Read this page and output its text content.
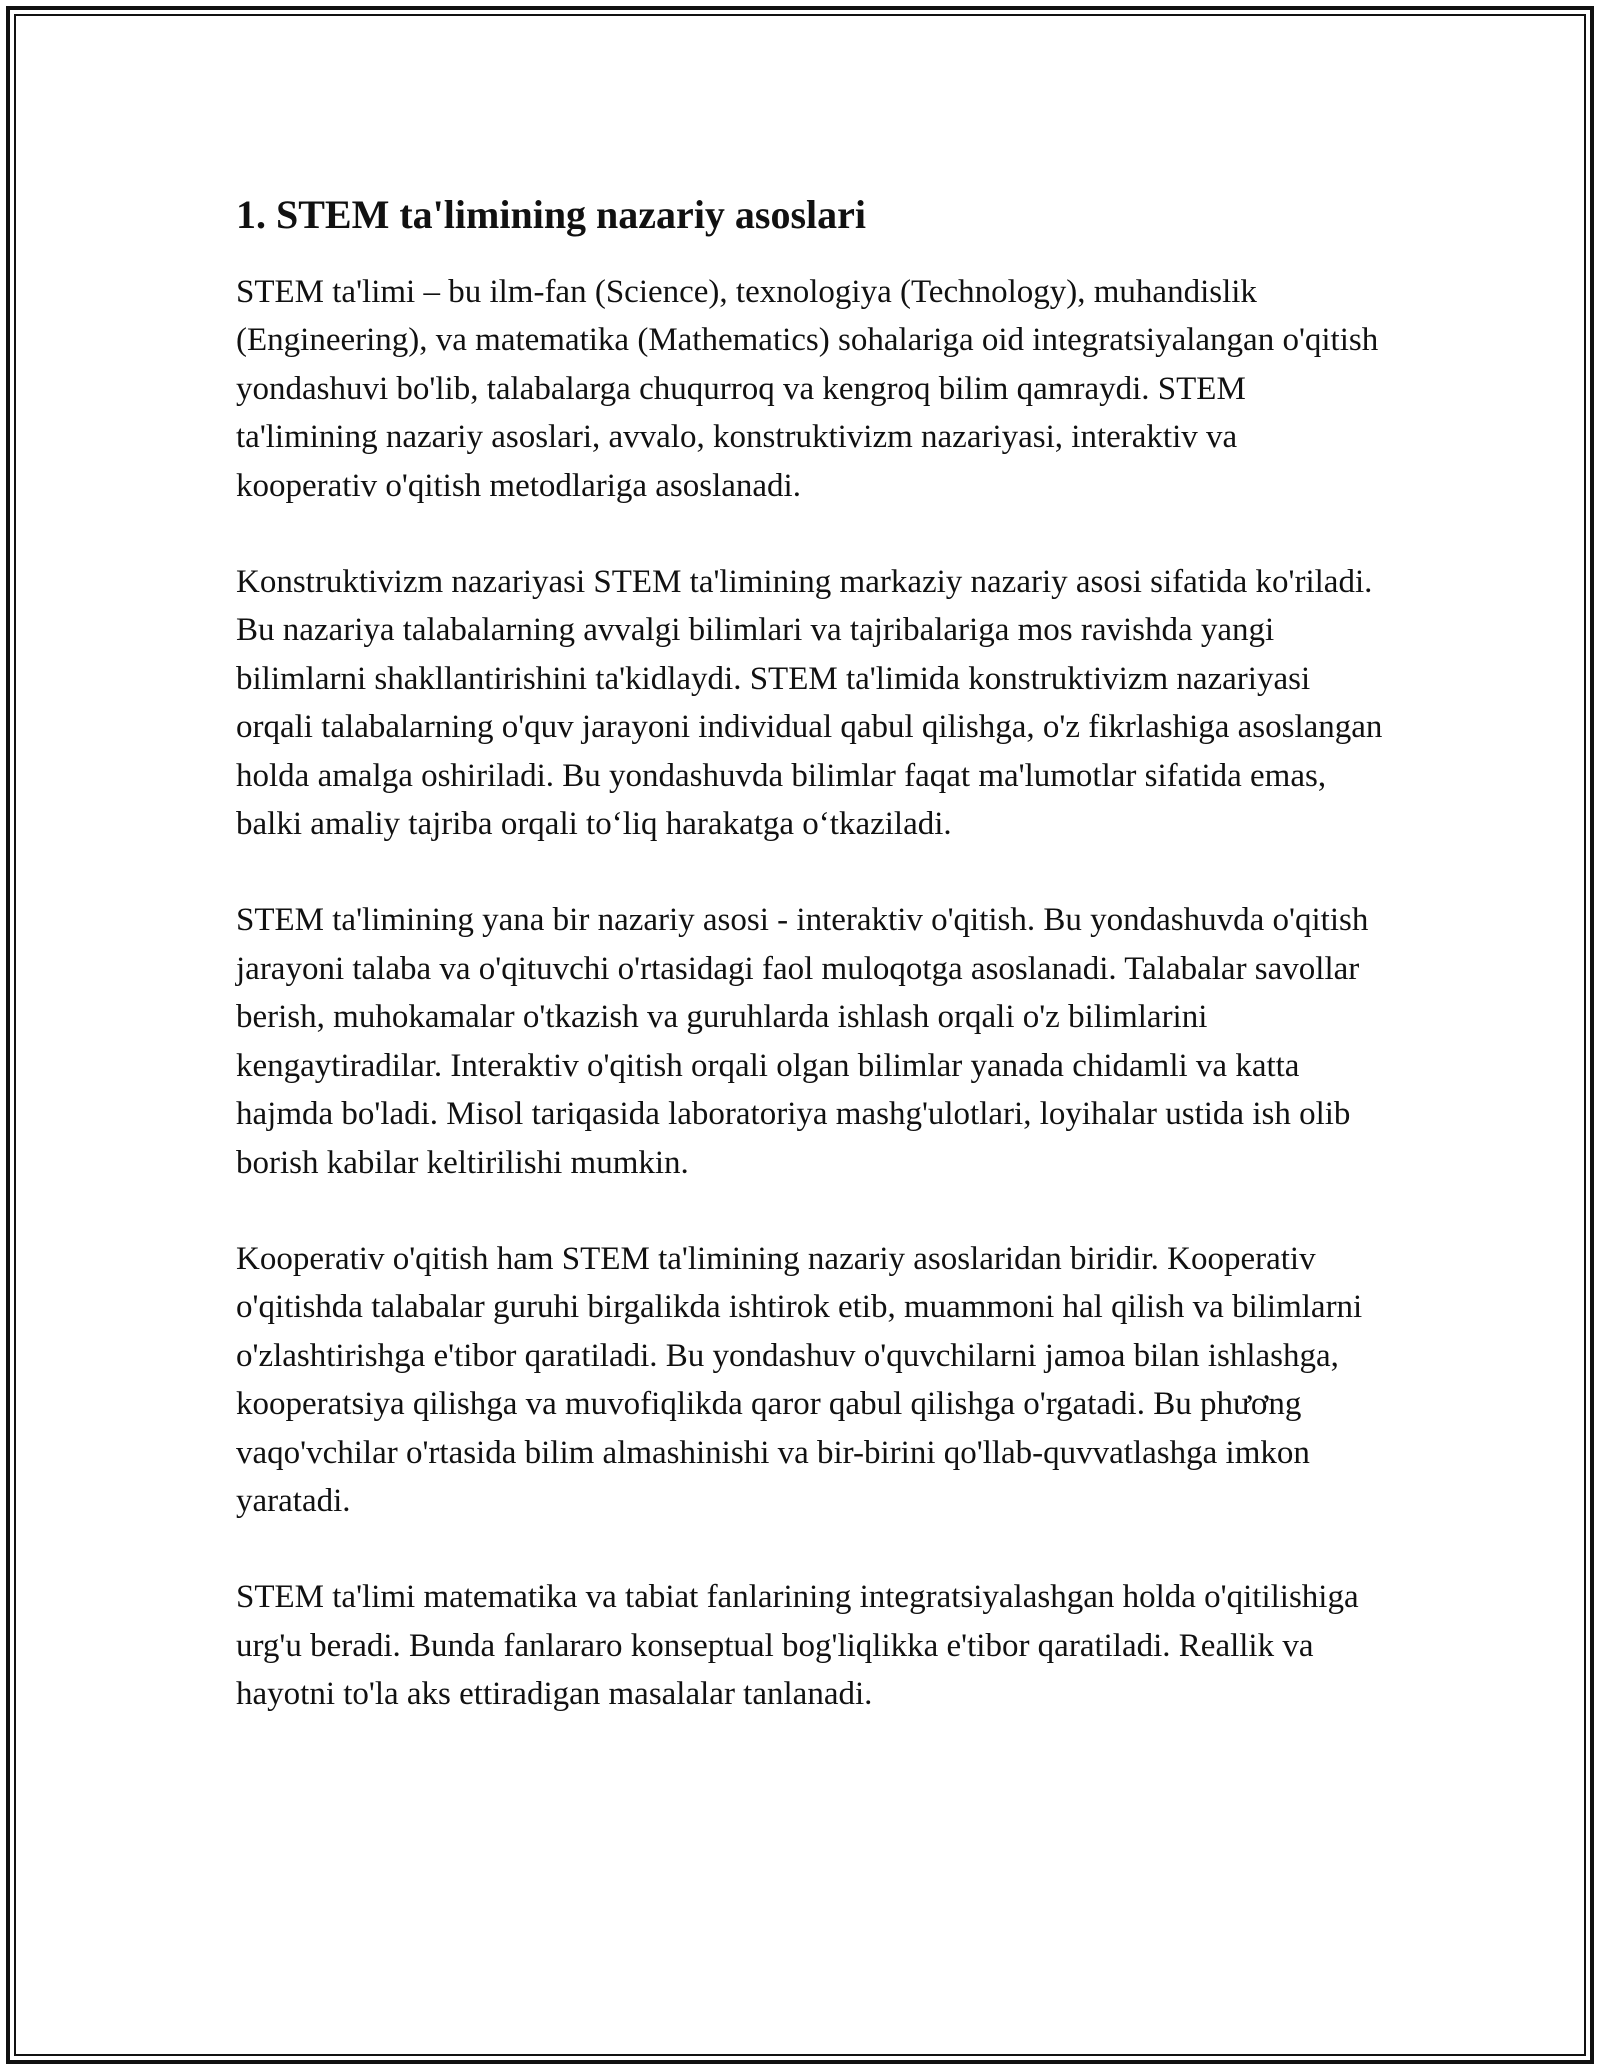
1. STEM ta'limining nazariy asoslari

STEM ta'limi – bu ilm-fan (Science), texnologiya (Technology), muhandislik (Engineering), va matematika (Mathematics) sohalariga oid integratsiyalangan o'qitish yondashuvi bo'lib, talabalarga chuqurroq va kengroq bilim qamraydi. STEM ta'limining nazariy asoslari, avvalo, konstruktivizm nazariyasi, interaktiv va kooperativ o'qitish metodlariga asoslanadi.

Konstruktivizm nazariyasi STEM ta'limining markaziy nazariy asosi sifatida ko'riladi. Bu nazariya talabalarning avvalgi bilimlari va tajribalariga mos ravishda yangi bilimlarni shakllantirishini ta'kidlaydi. STEM ta'limida konstruktivizm nazariyasi orqali talabalarning o'quv jarayoni individual qabul qilishga, o'z fikrlashiga asoslangan holda amalga oshiriladi. Bu yondashuvda bilimlar faqat ma'lumotlar sifatida emas, balki amaliy tajriba orqali to‘liq harakatga o‘tkaziladi.

STEM ta'limining yana bir nazariy asosi - interaktiv o'qitish. Bu yondashuvda o'qitish jarayoni talaba va o'qituvchi o'rtasidagi faol muloqotga asoslanadi. Talabalar savollar berish, muhokamalar o'tkazish va guruhlarda ishlash orqali o'z bilimlarini kengaytiradilar. Interaktiv o'qitish orqali olgan bilimlar yanada chidamli va katta hajmda bo'ladi. Misol tariqasida laboratoriya mashg'ulotlari, loyihalar ustida ish olib borish kabilar keltirilishi mumkin.

Kooperativ o'qitish ham STEM ta'limining nazariy asoslaridan biridir. Kooperativ o'qitishda talabalar guruhi birgalikda ishtirok etib, muammoni hal qilish va bilimlarni o'zlashtirishga e'tibor qaratiladi. Bu yondashuv o'quvchilarni jamoa bilan ishlashga, kooperatsiya qilishga va muvofiqlikda qaror qabul qilishga o'rgatadi. Bu phương vaqo'vchilar o'rtasida bilim almashinishi va bir-birini qo'llab-quvvatlashga imkon yaratadi.

STEM ta'limi matematika va tabiat fanlarining integratsiyalashgan holda o'qitilishiga urg'u beradi. Bunda fanlararo konseptual bog'liqlikka e'tibor qaratiladi. Reallik va hayotni to'la aks ettiradigan masalalar tanlanadi.
